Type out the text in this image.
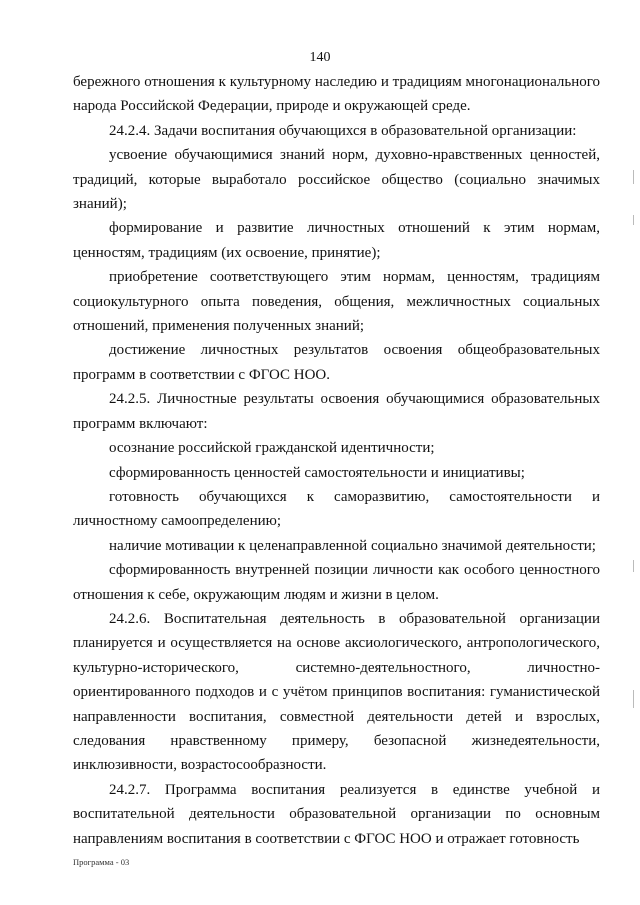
140

бережного отношения к культурному наследию и традициям многонационального народа Российской Федерации, природе и окружающей среде.

24.2.4. Задачи воспитания обучающихся в образовательной организации:

усвоение обучающимися знаний норм, духовно-нравственных ценностей, традиций, которые выработало российское общество (социально значимых знаний);

формирование и развитие личностных отношений к этим нормам, ценностям, традициям (их освоение, принятие);

приобретение соответствующего этим нормам, ценностям, традициям социокультурного опыта поведения, общения, межличностных социальных отношений, применения полученных знаний;

достижение личностных результатов освоения общеобразовательных программ в соответствии с ФГОС НОО.

24.2.5. Личностные результаты освоения обучающимися образовательных программ включают:

осознание российской гражданской идентичности;

сформированность ценностей самостоятельности и инициативы;

готовность обучающихся к саморазвитию, самостоятельности и личностному самоопределению;

наличие мотивации к целенаправленной социально значимой деятельности;

сформированность внутренней позиции личности как особого ценностного отношения к себе, окружающим людям и жизни в целом.

24.2.6. Воспитательная деятельность в образовательной организации планируется и осуществляется на основе аксиологического, антропологического, культурно-исторического, системно-деятельностного, личностно-ориентированного подходов и с учётом принципов воспитания: гуманистической направленности воспитания, совместной деятельности детей и взрослых, следования нравственному примеру, безопасной жизнедеятельности, инклюзивности, возрастосообразности.

24.2.7. Программа воспитания реализуется в единстве учебной и воспитательной деятельности образовательной организации по основным направлениям воспитания в соответствии с ФГОС НОО и отражает готовность

Программа - 03
